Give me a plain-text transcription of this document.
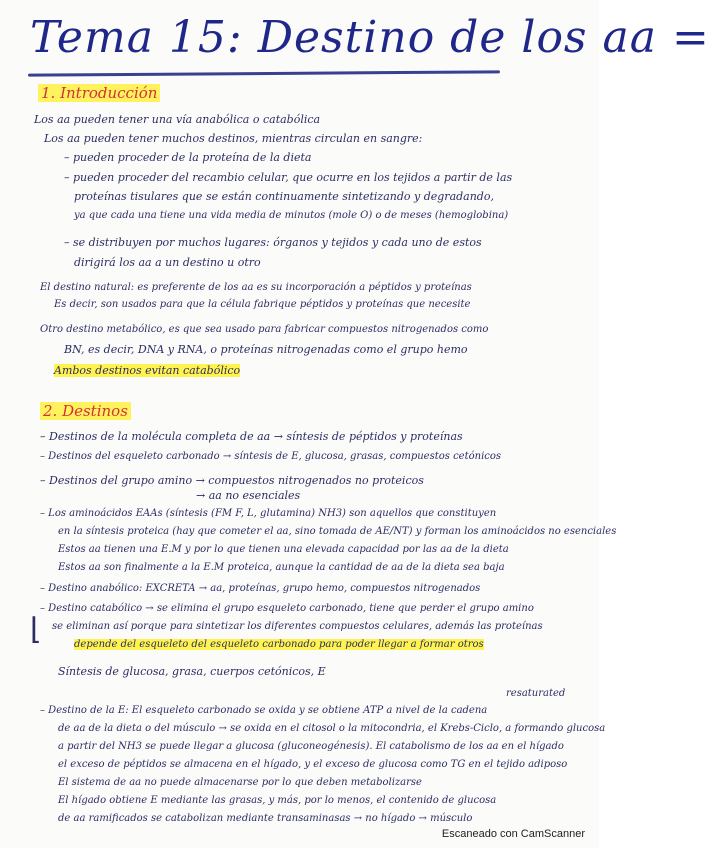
Tema 15: Destino de los aa =
1. Introducción
Los aa pueden tener una vía anabólica o catabólica
Los aa pueden tener muchos destinos, mientras circulan en sangre:
– pueden proceder de la proteína de la dieta
– pueden proceder del recambio celular, que ocurre en los tejidos a partir de las
proteínas tisulares que se están continuamente sintetizando y degradando,
ya que cada una tiene una vida media de minutos (mole O) o de meses (hemoglobina)
– se distribuyen por muchos lugares: órganos y tejidos y cada uno de estos
dirigirá los aa a un destino u otro
El destino natural: es preferente de los aa es su incorporación a péptidos y proteínas
Es decir, son usados para que la célula fabrique péptidos y proteínas que necesite
Otro destino metabólico, es que sea usado para fabricar compuestos nitrogenados como
BN, es decir, DNA y RNA, o proteínas nitrogenadas como el grupo hemo
Ambos destinos evitan catabólico
2. Destinos
– Destinos de la molécula completa de aa → síntesis de péptidos y proteínas
– Destinos del esqueleto carbonado → síntesis de E, glucosa, grasas, compuestos cetónicos
– Destinos del grupo amino → compuestos nitrogenados no proteicos
→ aa no esenciales
– Los aminoácidos EAAs (síntesis (FM F, L, glutamina) NH3) son aquellos que constituyen
en la síntesis proteica (hay que cometer el aa, sino tomada de AE/NT) y forman los aminoácidos no esenciales
Estos aa tienen una E.M y por lo que tienen una elevada capacidad por las aa de la dieta
Estos aa son finalmente a la E.M proteica, aunque la cantidad de aa de la dieta sea baja
– Destino anabólico: EXCRETA → aa, proteínas, grupo hemo, compuestos nitrogenados
– Destino catabólico → se elimina el grupo esqueleto carbonado, tiene que perder el grupo amino
se eliminan así porque para sintetizar los diferentes compuestos celulares, además las proteínas
depende del esqueleto del esqueleto carbonado para poder llegar a formar otros
⌊
Síntesis de glucosa, grasa, cuerpos cetónicos, E
resaturated
– Destino de la E: El esqueleto carbonado se oxida y se obtiene ATP a nivel de la cadena
de aa de la dieta o del músculo → se oxida en el citosol o la mitocondria, el Krebs-Ciclo, a formando glucosa
a partir del NH3 se puede llegar a glucosa (gluconeogénesis). El catabolismo de los aa en el hígado
el exceso de péptidos se almacena en el hígado, y el exceso de glucosa como TG en el tejido adiposo
El sistema de aa no puede almacenarse por lo que deben metabolizarse
El hígado obtiene E mediante las grasas, y más, por lo menos, el contenido de glucosa
de aa ramificados se catabolizan mediante transaminasas → no hígado → músculo
Escaneado con CamScanner
